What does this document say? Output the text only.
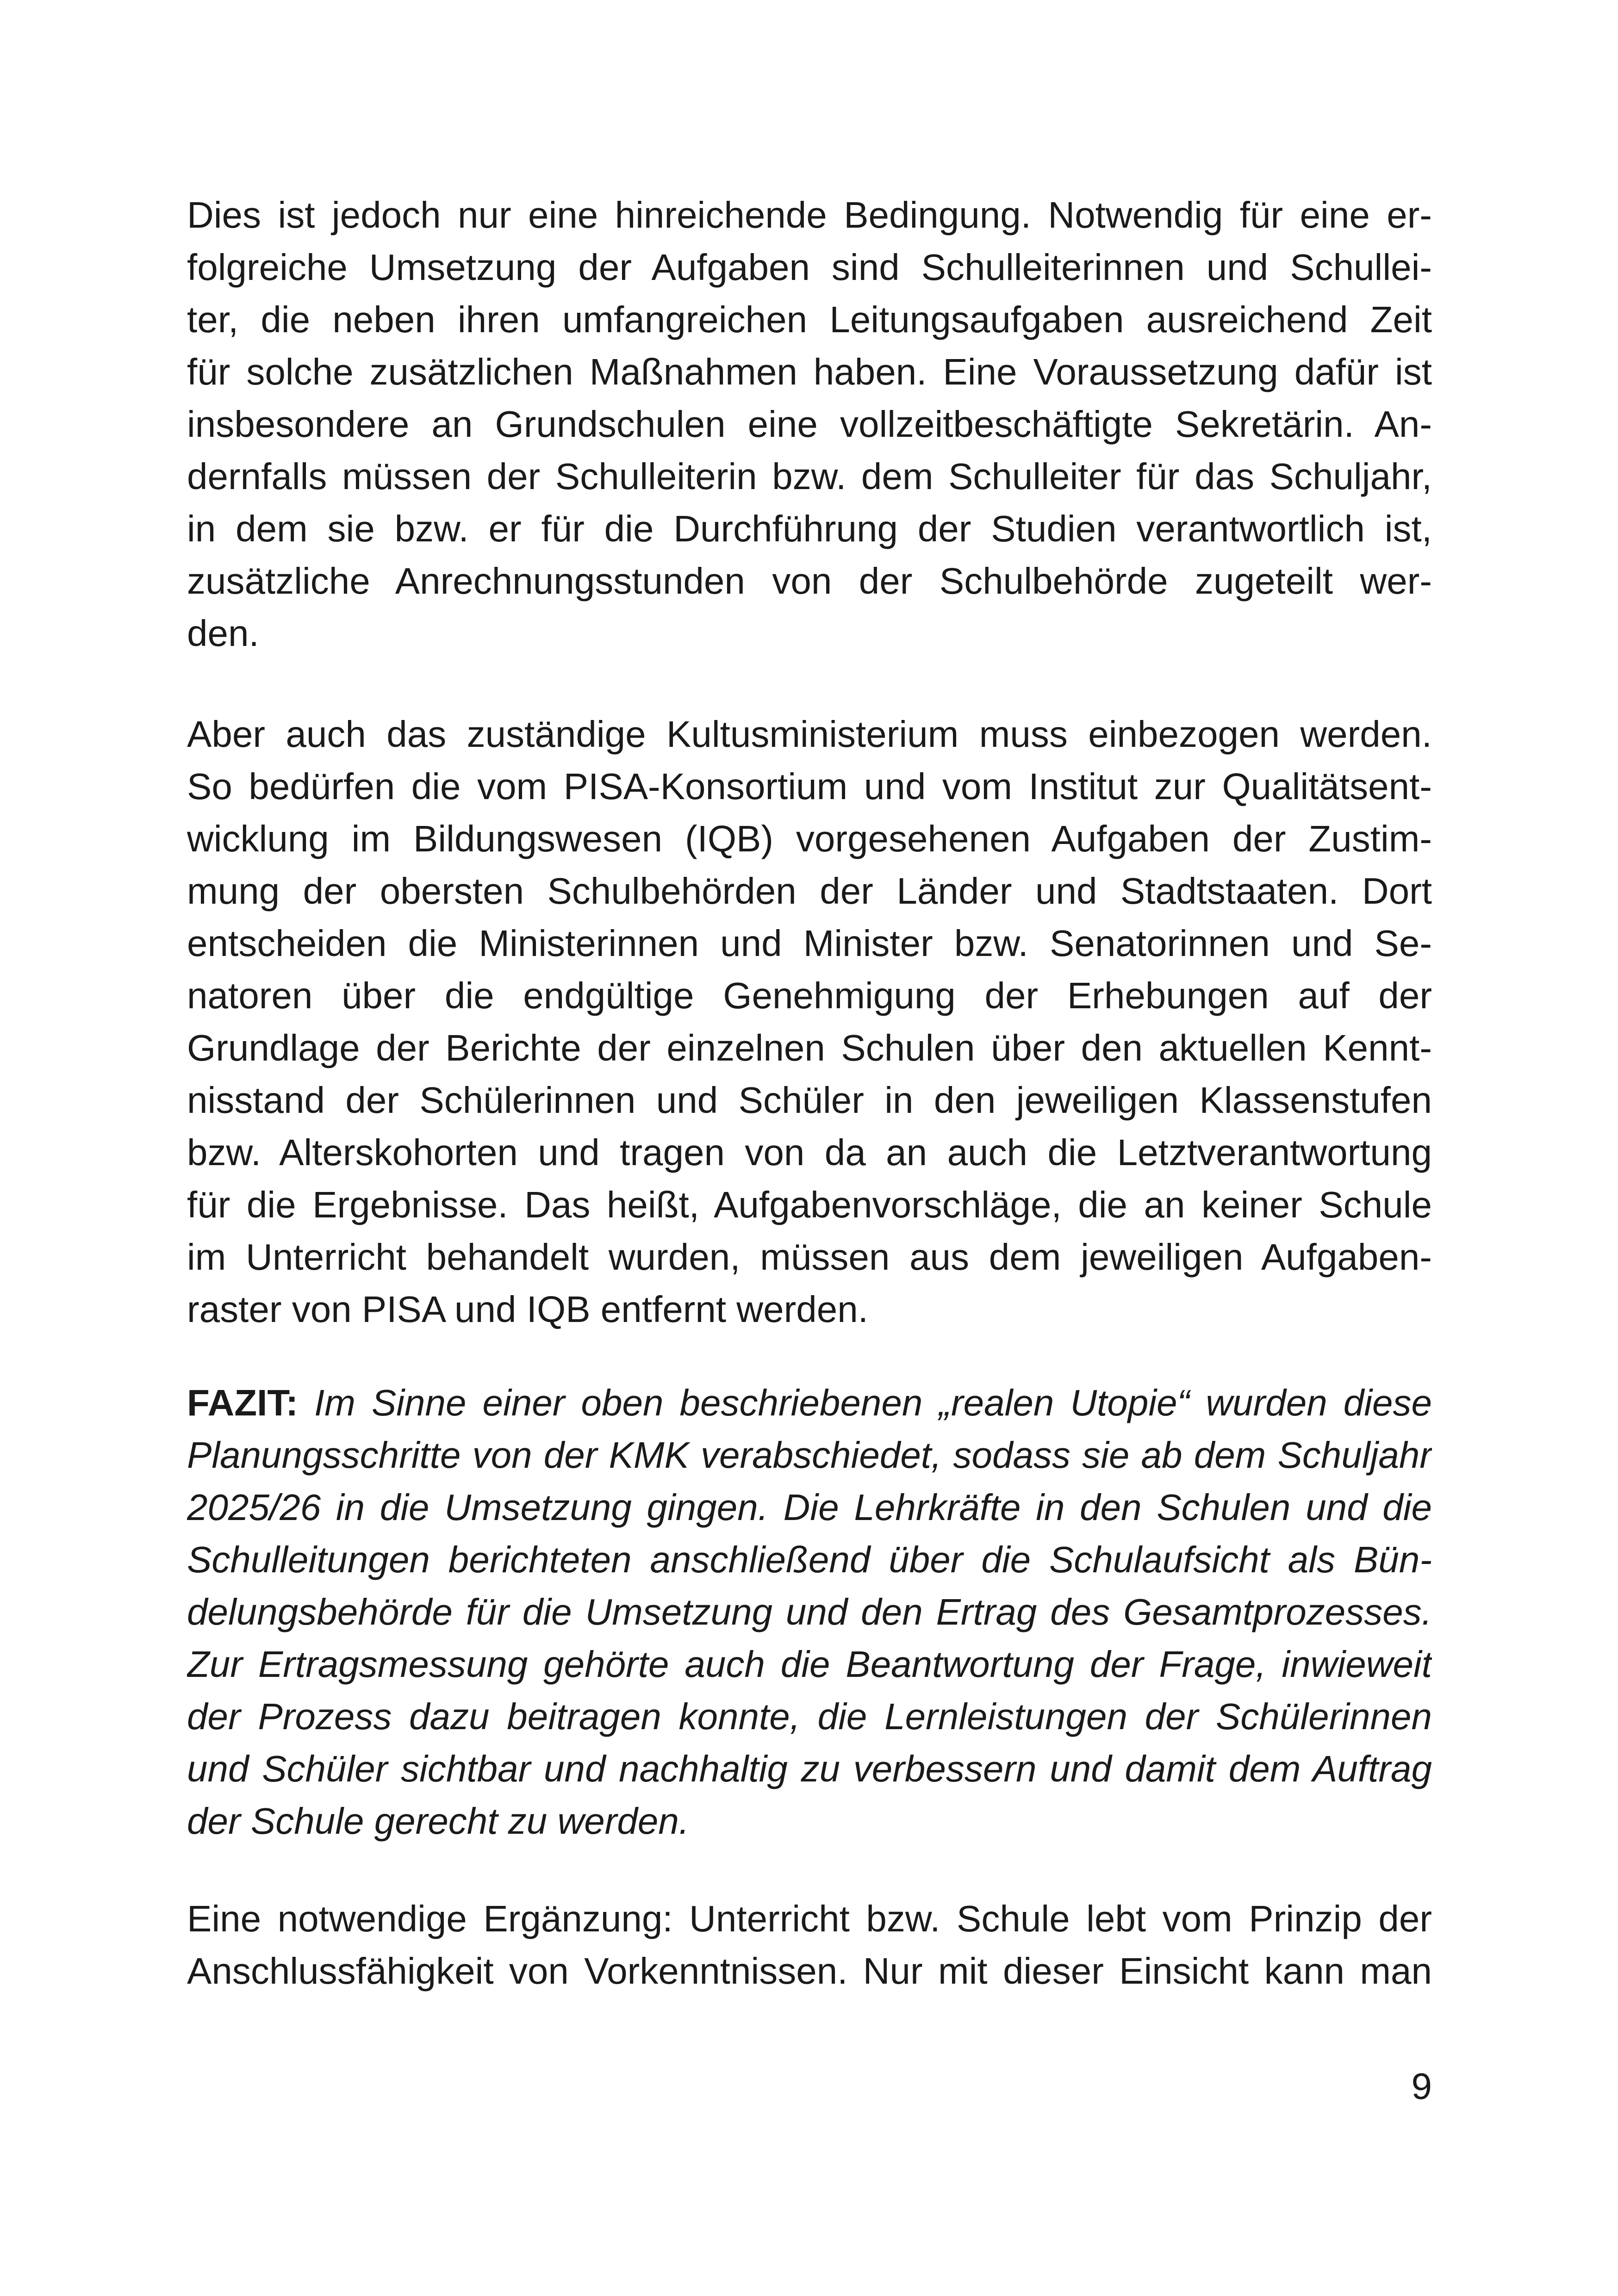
Dies ist jedoch nur eine hinreichende Bedingung. Notwendig für eine er-
folgreiche Umsetzung der Aufgaben sind Schulleiterinnen und Schullei-
ter, die neben ihren umfangreichen Leitungsaufgaben ausreichend Zeit
für solche zusätzlichen Maßnahmen haben. Eine Voraussetzung dafür ist
insbesondere an Grundschulen eine vollzeitbeschäftigte Sekretärin. An-
dernfalls müssen der Schulleiterin bzw. dem Schulleiter für das Schuljahr,
in dem sie bzw. er für die Durchführung der Studien verantwortlich ist,
zusätzliche Anrechnungsstunden von der Schulbehörde zugeteilt wer-
den.
Aber auch das zuständige Kultusministerium muss einbezogen werden.
So bedürfen die vom PISA-Konsortium und vom Institut zur Qualitätsent-
wicklung im Bildungswesen (IQB) vorgesehenen Aufgaben der Zustim-
mung der obersten Schulbehörden der Länder und Stadtstaaten. Dort
entscheiden die Ministerinnen und Minister bzw. Senatorinnen und Se-
natoren über die endgültige Genehmigung der Erhebungen auf der
Grundlage der Berichte der einzelnen Schulen über den aktuellen Kennt-
nisstand der Schülerinnen und Schüler in den jeweiligen Klassenstufen
bzw. Alterskohorten und tragen von da an auch die Letztverantwortung
für die Ergebnisse. Das heißt, Aufgabenvorschläge, die an keiner Schule
im Unterricht behandelt wurden, müssen aus dem jeweiligen Aufgaben-
raster von PISA und IQB entfernt werden.
FAZIT: Im Sinne einer oben beschriebenen „realen Utopie“ wurden diese
Planungsschritte von der KMK verabschiedet, sodass sie ab dem Schuljahr
2025/26 in die Umsetzung gingen. Die Lehrkräfte in den Schulen und die
Schulleitungen berichteten anschließend über die Schulaufsicht als Bün-
delungsbehörde für die Umsetzung und den Ertrag des Gesamtprozesses.
Zur Ertragsmessung gehörte auch die Beantwortung der Frage, inwieweit
der Prozess dazu beitragen konnte, die Lernleistungen der Schülerinnen
und Schüler sichtbar und nachhaltig zu verbessern und damit dem Auftrag
der Schule gerecht zu werden.
Eine notwendige Ergänzung: Unterricht bzw. Schule lebt vom Prinzip der
Anschlussfähigkeit von Vorkenntnissen. Nur mit dieser Einsicht kann man
9
